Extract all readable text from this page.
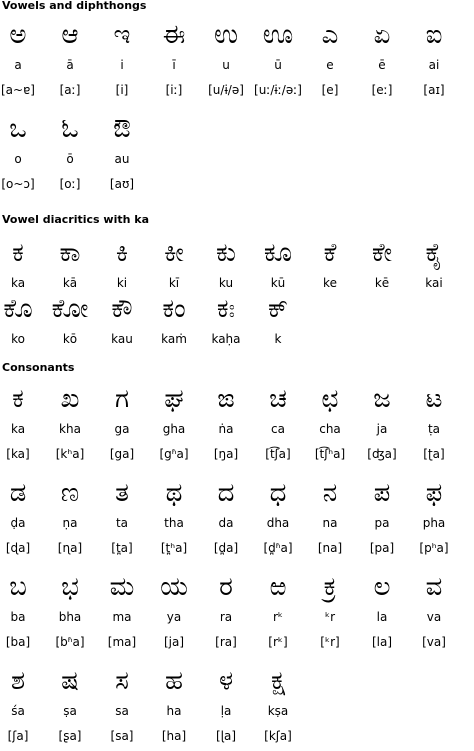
Vowels and diphthongs
ಅ
a
[a~ɐ]
ಆ
ā
[aː]
ಇ
i
[i]
ಈ
ī
[iː]
ಉ
u
[u/ɨ/ə]
ಊ
ū
[uː/ɨː/əː]
ಎ
e
[e]
ಏ
ē
[eː]
ಐ
ai
[aɪ]
ಒ
o
[o~ɔ]
ಓ
ō
[oː]
ಔ
au
[aʊ]
Vowel diacritics with ka
ಕ
ka
ಕಾ
kā
ಕಿ
ki
ಕೀ
kī
ಕು
ku
ಕೂ
kū
ಕೆ
ke
ಕೇ
kē
ಕೈ
kai
ಕೊ
ko
ಕೋ
kō
ಕೌ
kau
ಕಂ
kaṁ
ಕಃ
kaḥa
ಕ್
k
Consonants
ಕ
ka
[ka]
ಖ
kha
[kʰa]
ಗ
ga
[ga]
ಘ
gha
[gʱa]
ಙ
ṅa
[ŋa]
ಚ
ca
[t͡ʃa]
ಛ
cha
[t͡ʃʰa]
ಜ
ja
[ʤa]
ಟ
ṭa
[ʈa]
ಡ
ḍa
[ɖa]
ಣ
ṇa
[ɳa]
ತ
ta
[t̪a]
ಥ
tha
[t̪ʰa]
ದ
da
[d̪a]
ಧ
dha
[d̪ʱa]
ನ
na
[na]
ಪ
pa
[pa]
ಫ
pha
[pʰa]
ಬ
ba
[ba]
ಭ
bha
[bʱa]
ಮ
ma
[ma]
ಯ
ya
[ja]
ರ
ra
[ra]
ಱ
rᵏ
[rᵏ]
ಕ್ರ
ᵏr
[ᵏr]
ಲ
la
[la]
ವ
va
[va]
ಶ
śa
[ʃa]
ಷ
ṣa
[ʂa]
ಸ
sa
[sa]
ಹ
ha
[ha]
ಳ
ḷa
[ɭa]
ಕ್ಷ
kṣa
[kʃa]
